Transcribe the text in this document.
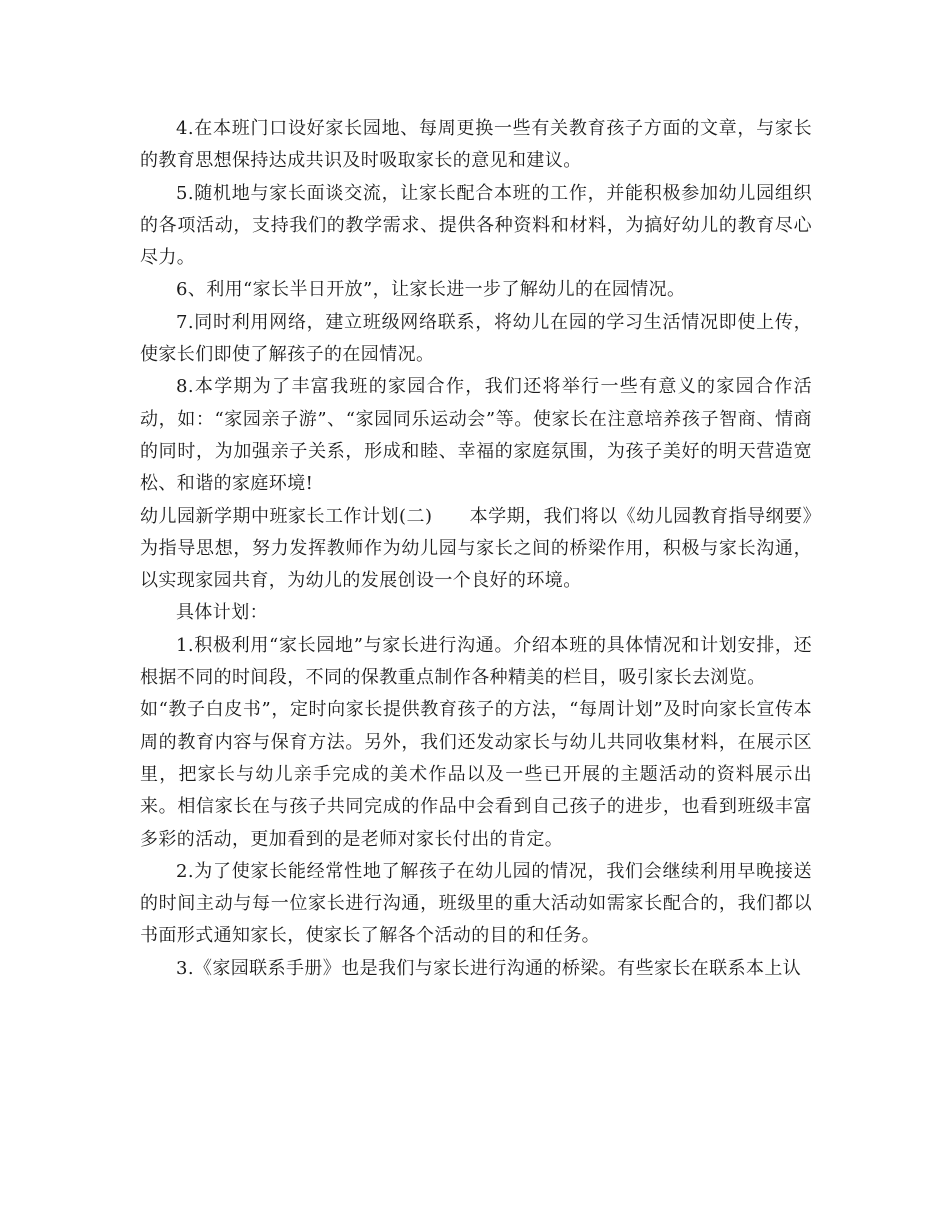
4.在本班门口设好家长园地、每周更换一些有关教育孩子方面的文章，与家长的教育思想保持达成共识及时吸取家长的意见和建议。

5.随机地与家长面谈交流，让家长配合本班的工作，并能积极参加幼儿园组织的各项活动，支持我们的教学需求、提供各种资料和材料，为搞好幼儿的教育尽心尽力。

6、利用“家长半日开放”，让家长进一步了解幼儿的在园情况。

7.同时利用网络，建立班级网络联系，将幼儿在园的学习生活情况即使上传，使家长们即使了解孩子的在园情况。

8.本学期为了丰富我班的家园合作，我们还将举行一些有意义的家园合作活动，如：“家园亲子游”、“家园同乐运动会”等。使家长在注意培养孩子智商、情商的同时，为加强亲子关系，形成和睦、幸福的家庭氛围，为孩子美好的明天营造宽松、和谐的家庭环境!

幼儿园新学期中班家长工作计划(二)　　本学期，我们将以《幼儿园教育指导纲要》为指导思想，努力发挥教师作为幼儿园与家长之间的桥梁作用，积极与家长沟通，以实现家园共育，为幼儿的发展创设一个良好的环境。

具体计划：

1.积极利用“家长园地”与家长进行沟通。介绍本班的具体情况和计划安排，还根据不同的时间段，不同的保教重点制作各种精美的栏目，吸引家长去浏览。

如“教子白皮书”，定时向家长提供教育孩子的方法，“每周计划”及时向家长宣传本周的教育内容与保育方法。另外，我们还发动家长与幼儿共同收集材料，在展示区里，把家长与幼儿亲手完成的美术作品以及一些已开展的主题活动的资料展示出来。相信家长在与孩子共同完成的作品中会看到自己孩子的进步，也看到班级丰富多彩的活动，更加看到的是老师对家长付出的肯定。

2.为了使家长能经常性地了解孩子在幼儿园的情况，我们会继续利用早晚接送的时间主动与每一位家长进行沟通，班级里的重大活动如需家长配合的，我们都以书面形式通知家长，使家长了解各个活动的目的和任务。

3.《家园联系手册》也是我们与家长进行沟通的桥梁。有些家长在联系本上认
